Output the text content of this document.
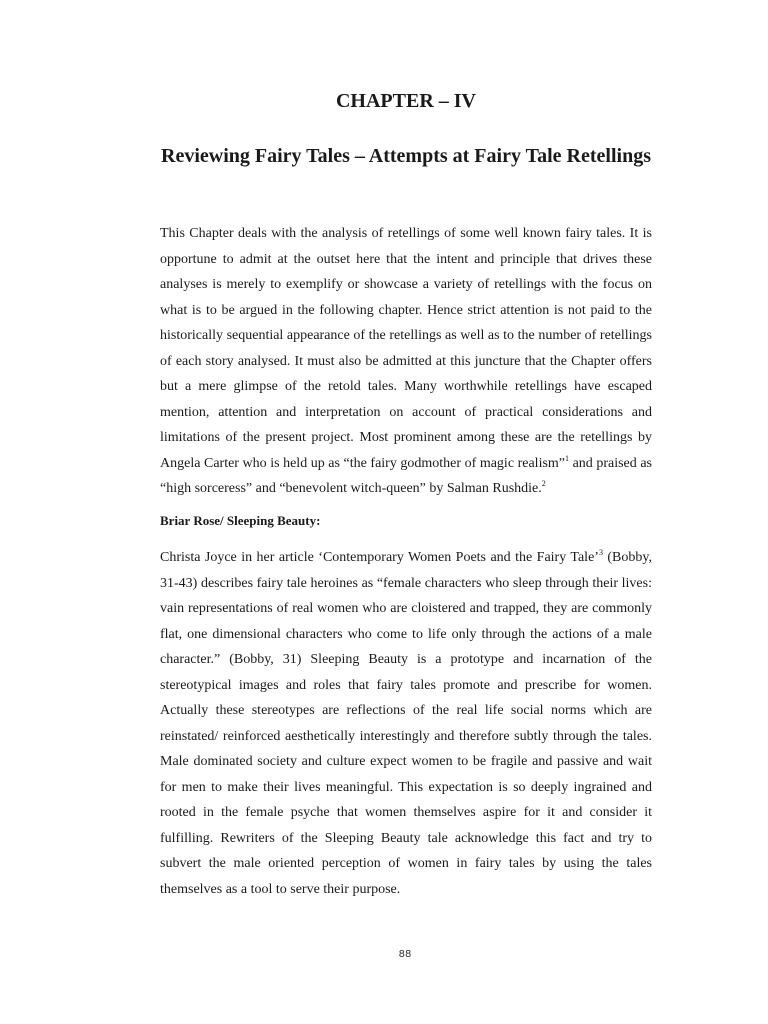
CHAPTER – IV
Reviewing Fairy Tales – Attempts at Fairy Tale Retellings

This Chapter deals with the analysis of retellings of some well known fairy tales. It is opportune to admit at the outset here that the intent and principle that drives these analyses is merely to exemplify or showcase a variety of retellings with the focus on what is to be argued in the following chapter. Hence strict attention is not paid to the historically sequential appearance of the retellings as well as to the number of retellings of each story analysed. It must also be admitted at this juncture that the Chapter offers but a mere glimpse of the retold tales. Many worthwhile retellings have escaped mention, attention and interpretation on account of practical considerations and limitations of the present project. Most prominent among these are the retellings by Angela Carter who is held up as “the fairy godmother of magic realism”$^1$ and praised as “high sorceress” and “benevolent witch-queen” by Salman Rushdie.$^2$

Briar Rose/ Sleeping Beauty:

Christa Joyce in her article ‘Contemporary Women Poets and the Fairy Tale’$^3$ (Bobby, 31-43) describes fairy tale heroines as “female characters who sleep through their lives: vain representations of real women who are cloistered and trapped, they are commonly flat, one dimensional characters who come to life only through the actions of a male character.” (Bobby, 31) Sleeping Beauty is a prototype and incarnation of the stereotypical images and roles that fairy tales promote and prescribe for women. Actually these stereotypes are reflections of the real life social norms which are reinstated/ reinforced aesthetically interestingly and therefore subtly through the tales. Male dominated society and culture expect women to be fragile and passive and wait for men to make their lives meaningful. This expectation is so deeply ingrained and rooted in the female psyche that women themselves aspire for it and consider it fulfilling. Rewriters of the Sleeping Beauty tale acknowledge this fact and try to subvert the male oriented perception of women in fairy tales by using the tales themselves as a tool to serve their purpose.

88
